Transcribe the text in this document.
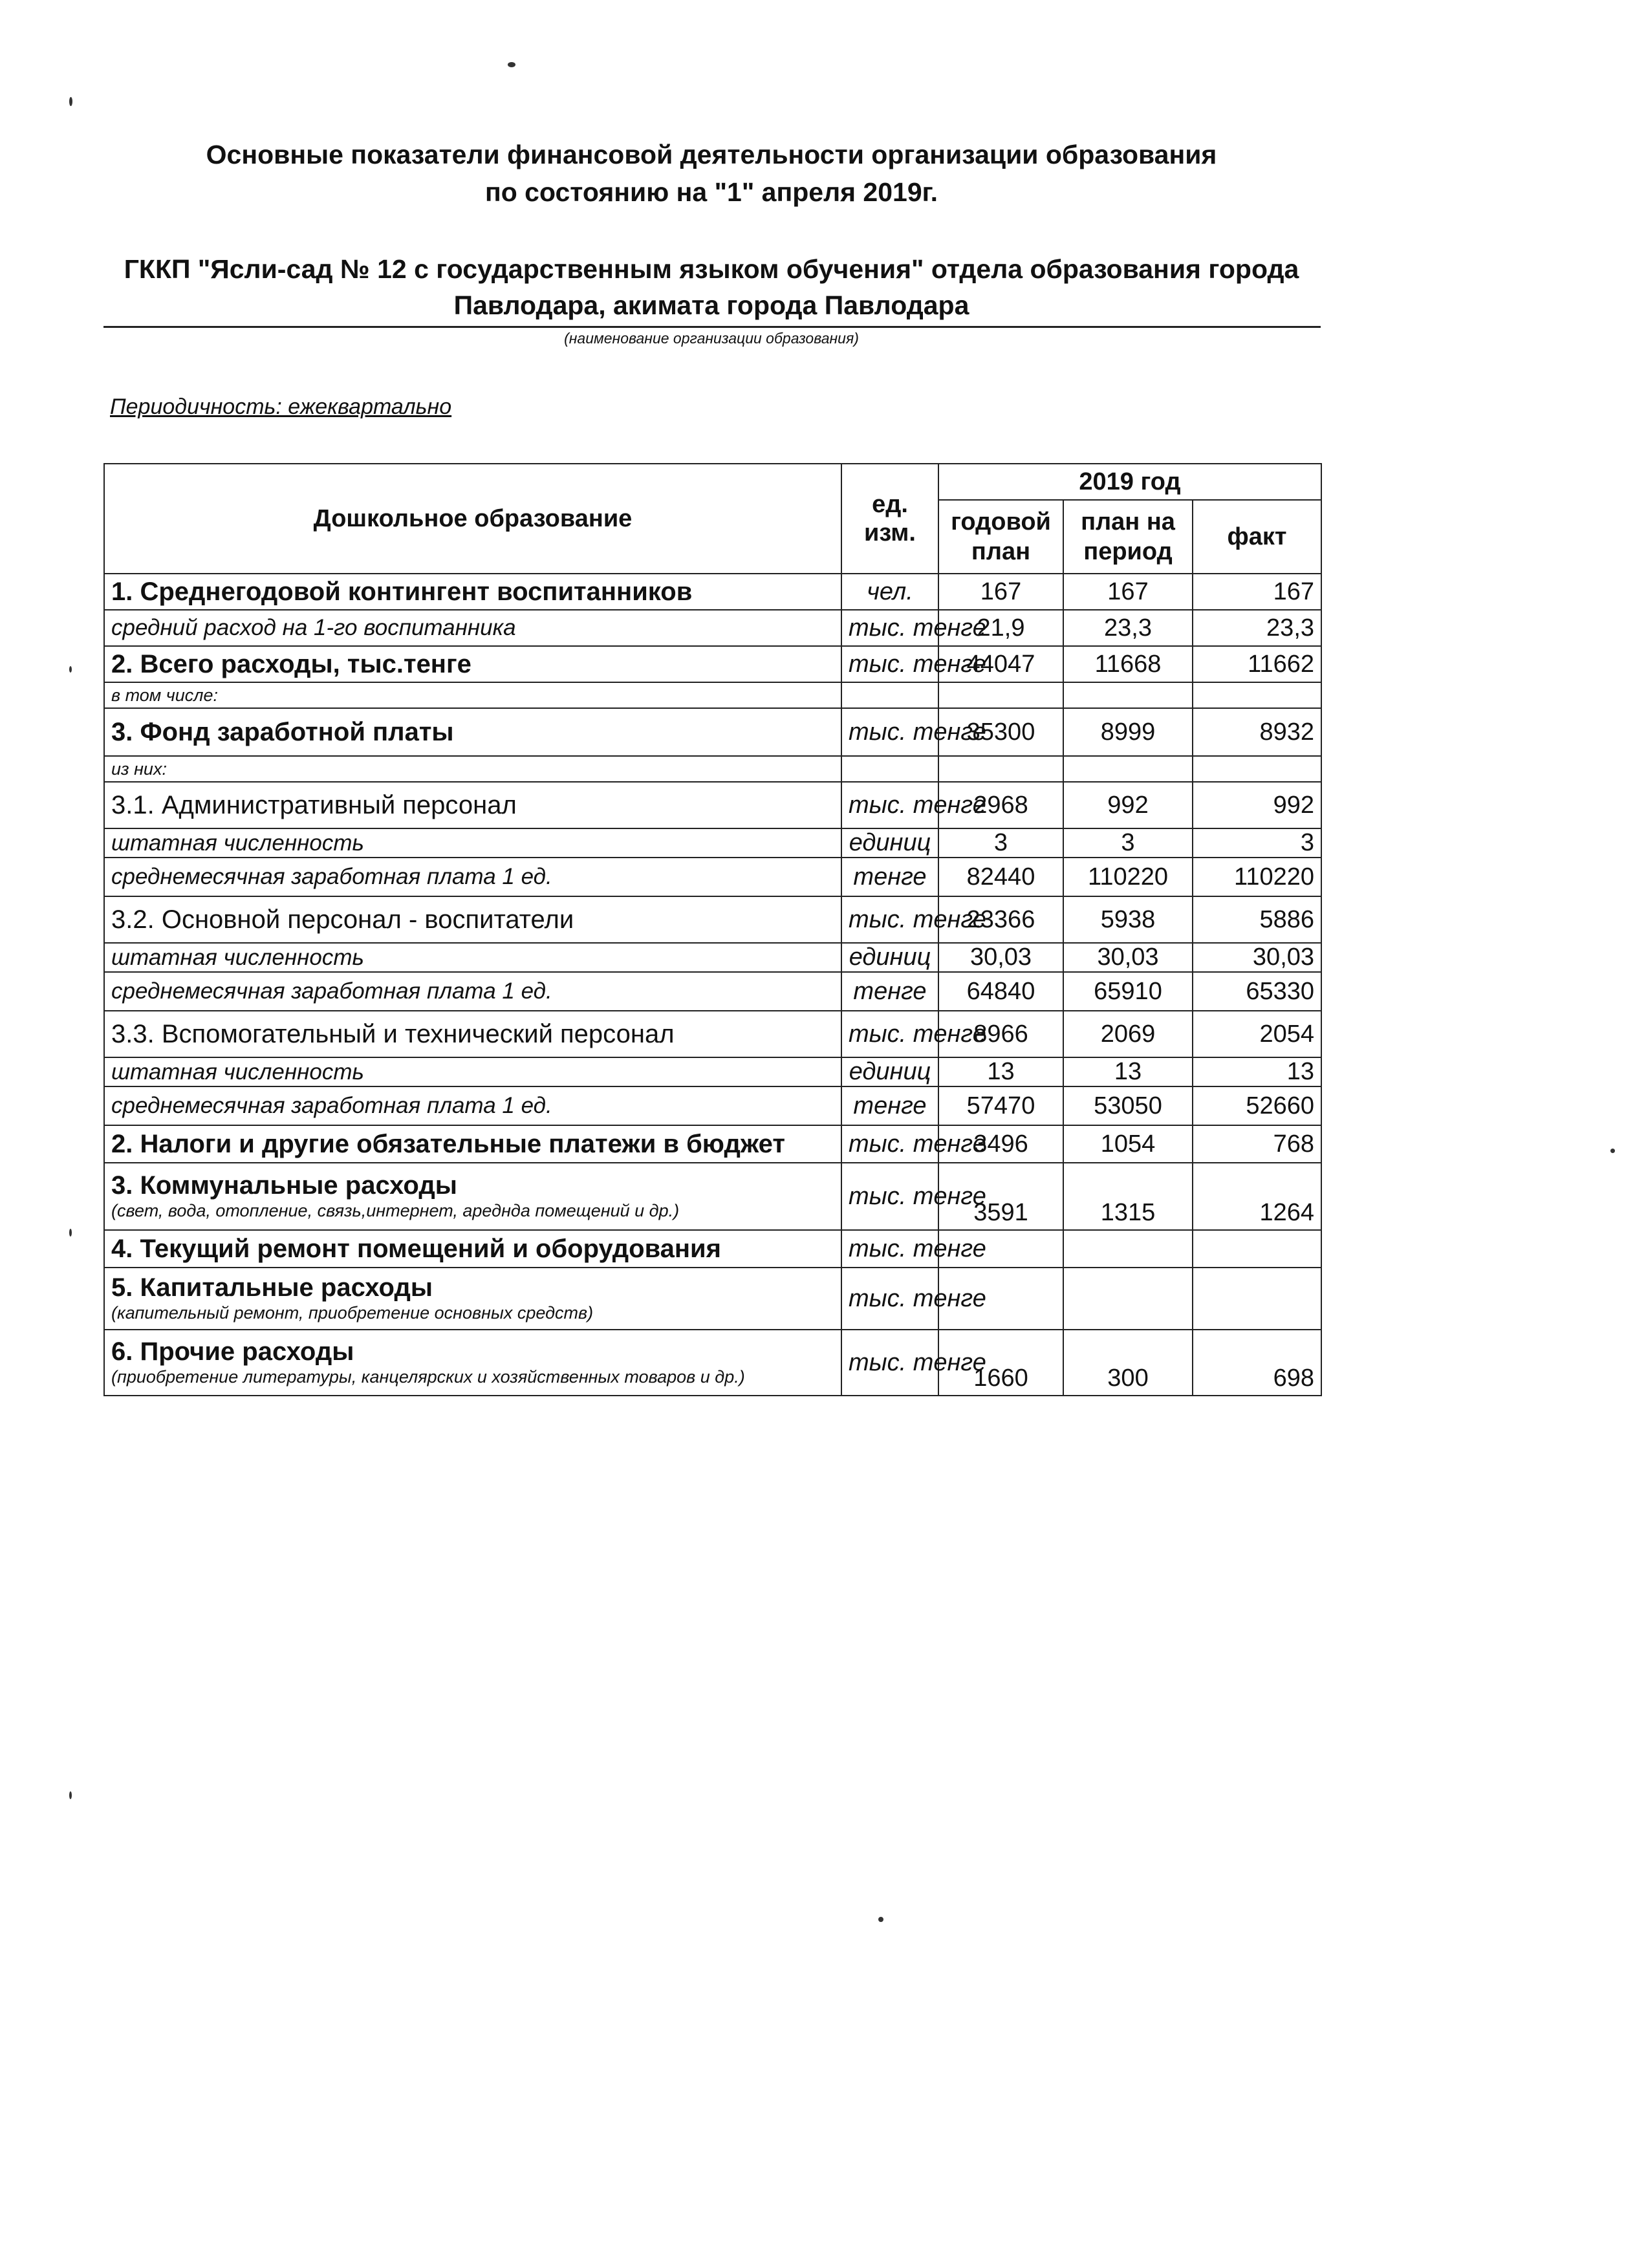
Основные показатели финансовой деятельности организации образования
по состоянию на "1" апреля 2019г.
ГККП "Ясли-сад № 12 с государственным языком обучения" отдела образования города
Павлодара, акимата города Павлодара
(наименование организации образования)
Периодичность: ежеквартально
Дошкольное образование	ед. изм.	2019 год		
		годовой план	план на период	факт
1. Среднегодовой контингент воспитанников	чел.	167	167	167
средний расход на 1-го воспитанника	тыс. тенге	21,9	23,3	23,3
2. Всего расходы, тыс.тенге	тыс. тенге	44047	11668	11662
в том числе:				
3. Фонд заработной платы	тыс. тенге	35300	8999	8932
из них:				
3.1. Административный персонал	тыс. тенге	2968	992	992
штатная численность	единиц	3	3	3
среднемесячная заработная плата 1 ед.	тенге	82440	110220	110220
3.2. Основной персонал - воспитатели	тыс. тенге	23366	5938	5886
штатная численность	единиц	30,03	30,03	30,03
среднемесячная заработная плата 1 ед.	тенге	64840	65910	65330
3.3. Вспомогательный и технический персонал	тыс. тенге	8966	2069	2054
штатная численность	единиц	13	13	13
среднемесячная заработная плата 1 ед.	тенге	57470	53050	52660
2. Налоги и другие обязательные платежи в бюджет	тыс. тенге	3496	1054	768

3. Коммунальные расходы
(свет, вода, отопление, связь,интернет, ареднда помещений и др.)	тыс. тенге	3591	1315	1264
4. Текущий ремонт помещений и оборудования	тыс. тенге			

5. Капитальные расходы
(капительный ремонт, приобретение основных средств)	тыс. тенге			

6. Прочие расходы
(приобретение литературы, канцелярских и хозяйственных товаров и др.)	тыс. тенге	1660	300	698
